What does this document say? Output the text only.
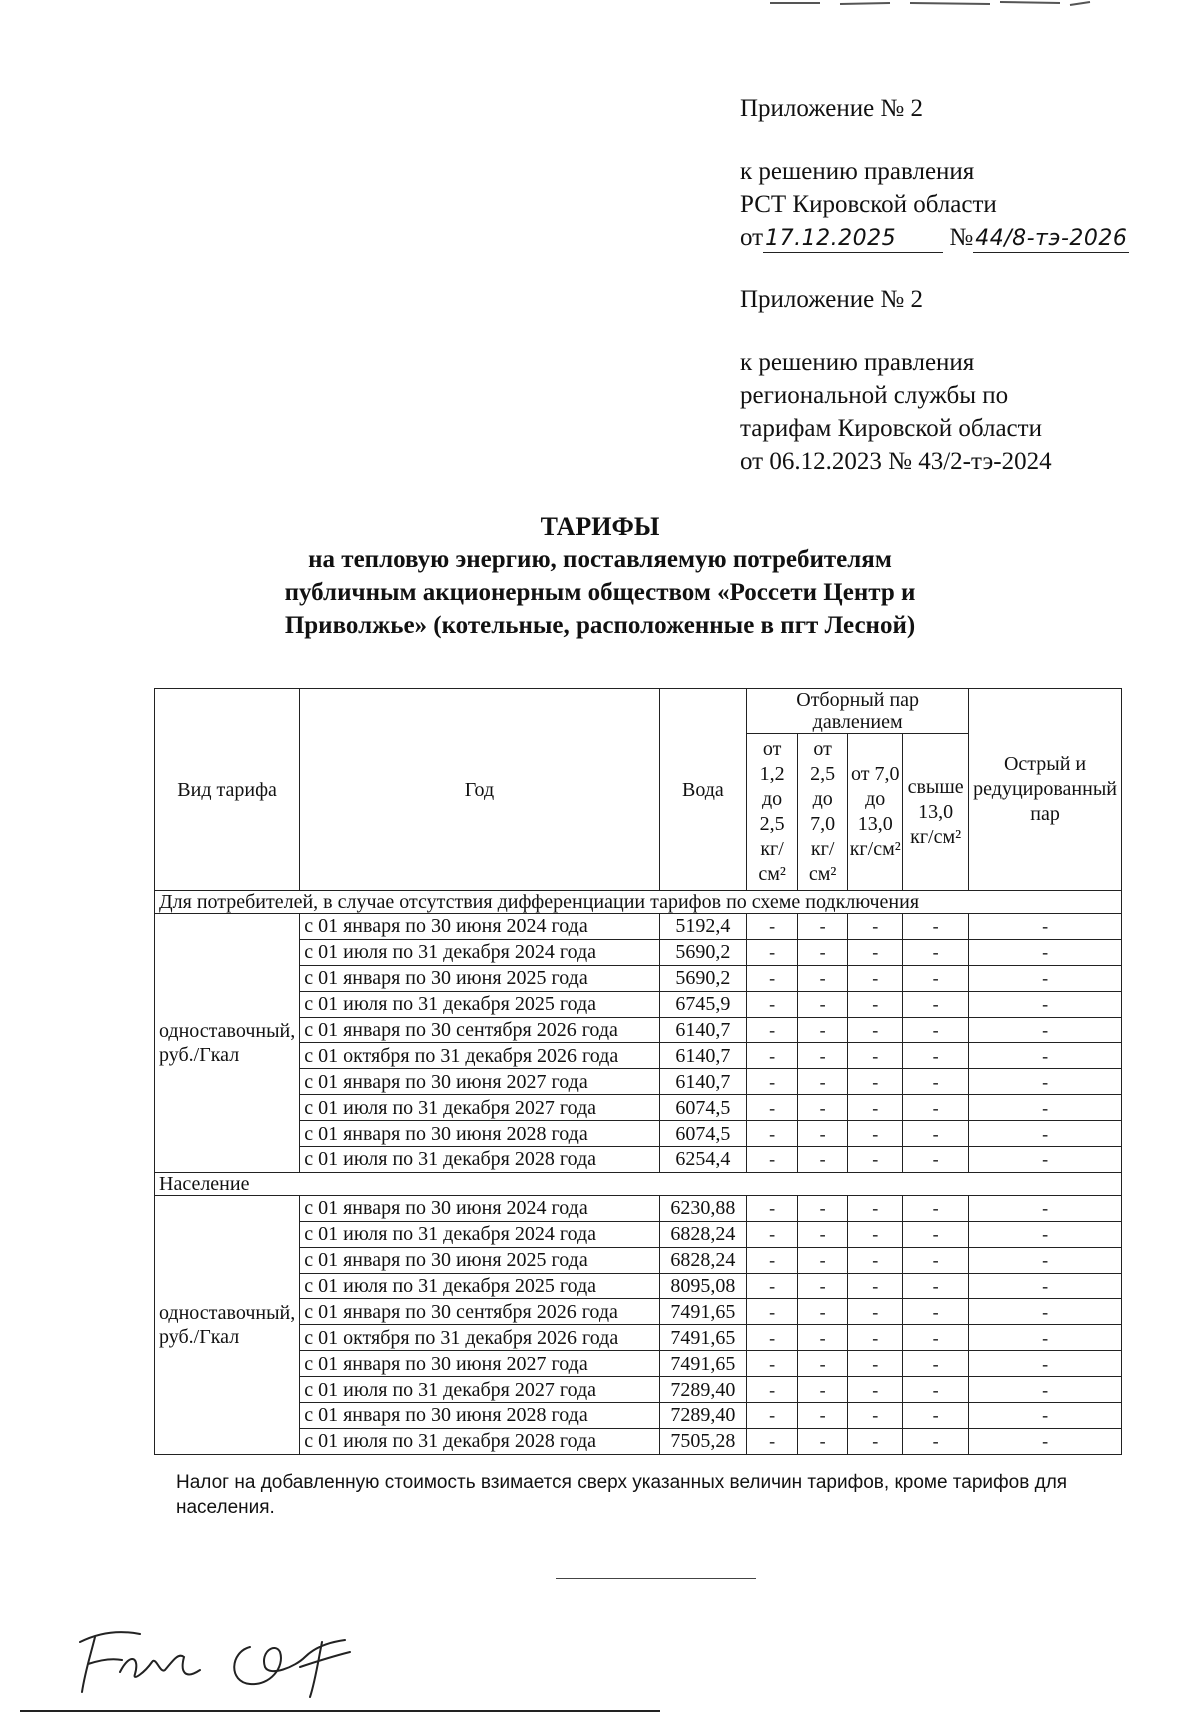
Приложение № 2
к решению правления
РСТ Кировской области
от17.12.2025 №44/8-тэ-2026
Приложение № 2
к решению правления
региональной службы по
тарифам Кировской области
от 06.12.2023 № 43/2-тэ-2024
ТАРИФЫ
на тепловую энергию, поставляемую потребителям
публичным акционерным обществом «Россети Центр и
Приволжье» (котельные, расположенные в пгт Лесной)
Вид тарифа	Год	Вода	Отборный пар давлением				Острый и редуцированный пар
			от 1,2 до 2,5 кг/см²	от 2,5 до 7,0 кг/см²	от 7,0 до 13,0 кг/см²	свыше 13,0 кг/см²	
Для потребителей, в случае отсутствия дифференциации тарифов по схеме подключения							
одноставочный, руб./Гкал	с 01 января по 30 июня 2024 года	5192,4	-	-	-	-	-
	с 01 июля по 31 декабря 2024 года	5690,2	-	-	-	-	-
	с 01 января по 30 июня 2025 года	5690,2	-	-	-	-	-
	с 01 июля по 31 декабря 2025 года	6745,9	-	-	-	-	-
	с 01 января по 30 сентября 2026 года	6140,7	-	-	-	-	-
	с 01 октября по 31 декабря 2026 года	6140,7	-	-	-	-	-
	с 01 января по 30 июня 2027 года	6140,7	-	-	-	-	-
	с 01 июля по 31 декабря 2027 года	6074,5	-	-	-	-	-
	с 01 января по 30 июня 2028 года	6074,5	-	-	-	-	-
	с 01 июля по 31 декабря 2028 года	6254,4	-	-	-	-	-
Население							
одноставочный, руб./Гкал	с 01 января по 30 июня 2024 года	6230,88	-	-	-	-	-
	с 01 июля по 31 декабря 2024 года	6828,24	-	-	-	-	-
	с 01 января по 30 июня 2025 года	6828,24	-	-	-	-	-
	с 01 июля по 31 декабря 2025 года	8095,08	-	-	-	-	-
	с 01 января по 30 сентября 2026 года	7491,65	-	-	-	-	-
	с 01 октября по 31 декабря 2026 года	7491,65	-	-	-	-	-
	с 01 января по 30 июня 2027 года	7491,65	-	-	-	-	-
	с 01 июля по 31 декабря 2027 года	7289,40	-	-	-	-	-
	с 01 января по 30 июня 2028 года	7289,40	-	-	-	-	-
	с 01 июля по 31 декабря 2028 года	7505,28	-	-	-	-	-
Налог на добавленную стоимость взимается сверх указанных величин тарифов, кроме тарифов для населения.
